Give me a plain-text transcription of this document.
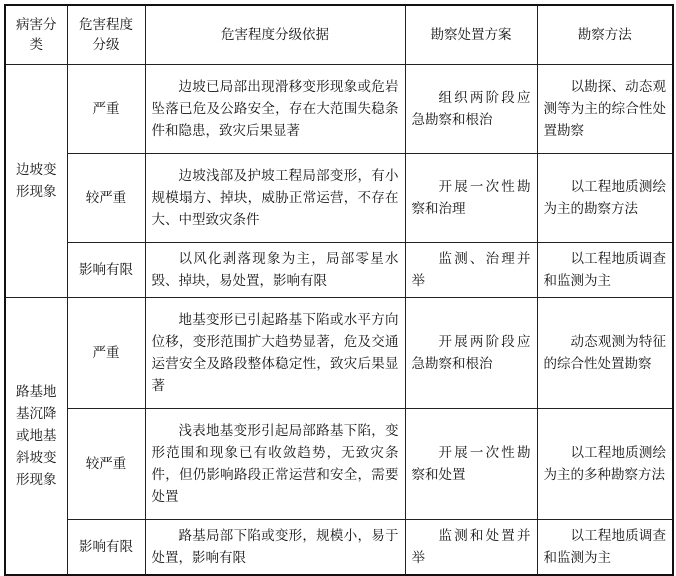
病害分类	危害程度分级	危害程度分级依据	勘察处置方案	勘察方法
边坡变形现象	严重	边坡已局部出现滑移变形现象或危岩坠落已危及公路安全，存在大范围失稳条件和隐患，致灾后果显著	组织两阶段应急勘察和根治	以勘探、动态观测等为主的综合性处置勘察
	较严重	边坡浅部及护坡工程局部变形，有小规模塌方、掉块，威胁正常运营，不存在大、中型致灾条件	开展一次性勘察和治理	以工程地质测绘为主的勘察方法
	影响有限	以风化剥落现象为主，局部零星水毁、掉块，易处置，影响有限	监测、治理并举	以工程地质调查和监测为主
路基地基沉降或地基斜坡变形现象	严重	地基变形已引起路基下陷或水平方向位移，变形范围扩大趋势显著，危及交通运营安全及路段整体稳定性，致灾后果显著	开展两阶段应急勘察和根治	动态观测为特征的综合性处置勘察
	较严重	浅表地基变形引起局部路基下陷，变形范围和现象已有收敛趋势，无致灾条件，但仍影响路段正常运营和安全，需要处置	开展一次性勘察和处置	以工程地质测绘为主的多种勘察方法
	影响有限	路基局部下陷或变形，规模小，易于处置，影响有限	监测和处置并举	以工程地质调查和监测为主
